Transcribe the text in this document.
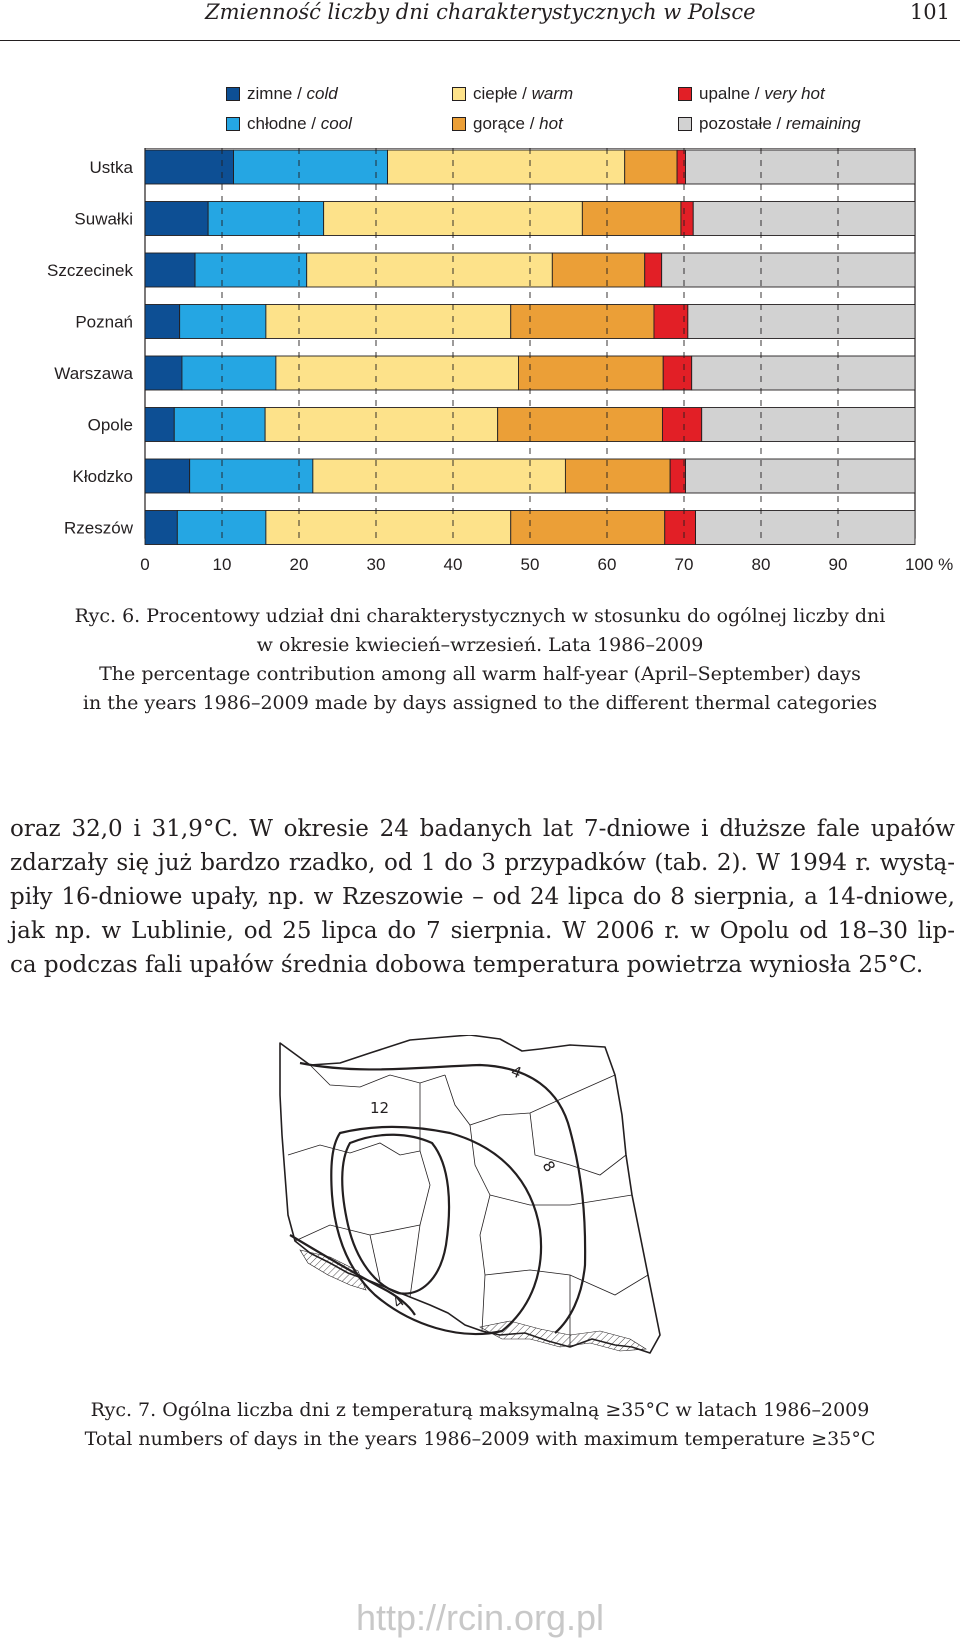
Zmienność liczby dni charakterystycznych w Polsce	101
zimne / cold	ciepłe / warm	upalne / very hot
chłodne / cool	gorące / hot	pozostałe / remaining
Ustka
Suwałki
Szczecinek
Poznań
Warszawa
Opole
Kłodzko
Rzeszów
0	10	20	30	40	50	60	70	80	90	100 %
Ryc. 6. Procentowy udział dni charakterystycznych w stosunku do ogólnej liczby dni
w okresie kwiecień–wrzesień. Lata 1986–2009
The percentage contribution among all warm half-year (April–September) days
in the years 1986–2009 made by days assigned to the different thermal categories
oraz 32,0 i 31,9°C. W okresie 24 badanych lat 7-dniowe i dłuższe fale upałów
zdarzały się już bardzo rzadko, od 1 do 3 przypadków (tab. 2). W 1994 r. wystą-
piły 16-dniowe upały, np. w Rzeszowie – od 24 lipca do 8 sierpnia, a 14-dniowe,
jak np. w Lublinie, od 25 lipca do 7 sierpnia. W 2006 r. w Opolu od 18–30 lip-
ca podczas fali upałów średnia dobowa temperatura powietrza wyniosła 25°C.
4
8
12
4
Ryc. 7. Ogólna liczba dni z temperaturą maksymalną ≥35°C w latach 1986–2009
Total numbers of days in the years 1986–2009 with maximum temperature ≥35°C
http://rcin.org.pl
